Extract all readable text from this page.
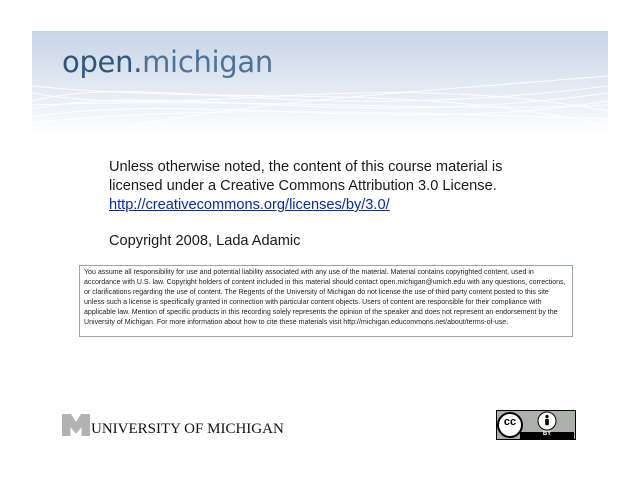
open.michigan

Unless otherwise noted, the content of this course material is

licensed under a Creative Commons Attribution 3.0 License.

http://creativecommons.org/licenses/by/3.0/

Copyright 2008, Lada Adamic

You assume all responsibility for use and potential liability associated with any use of the material. Material contains copyrighted content, used in accordance with U.S. law. Copyright holders of content included in this material should contact open.michigan@umich.edu with any questions, corrections, or clarifications regarding the use of content. The Regents of the University of Michigan do not license the use of third party content posted to this site unless such a license is specifically granted in connection with particular content objects. Users of content are responsible for their compliance with applicable law. Mention of specific products in this recording solely represents the opinion of the speaker and does not represent an endorsement by the University of Michigan. For more information about how to cite these materials visit http://michigan.educommons.net/about/terms-of-use.
UNIVERSITY OF MICHIGAN	cc
BY
